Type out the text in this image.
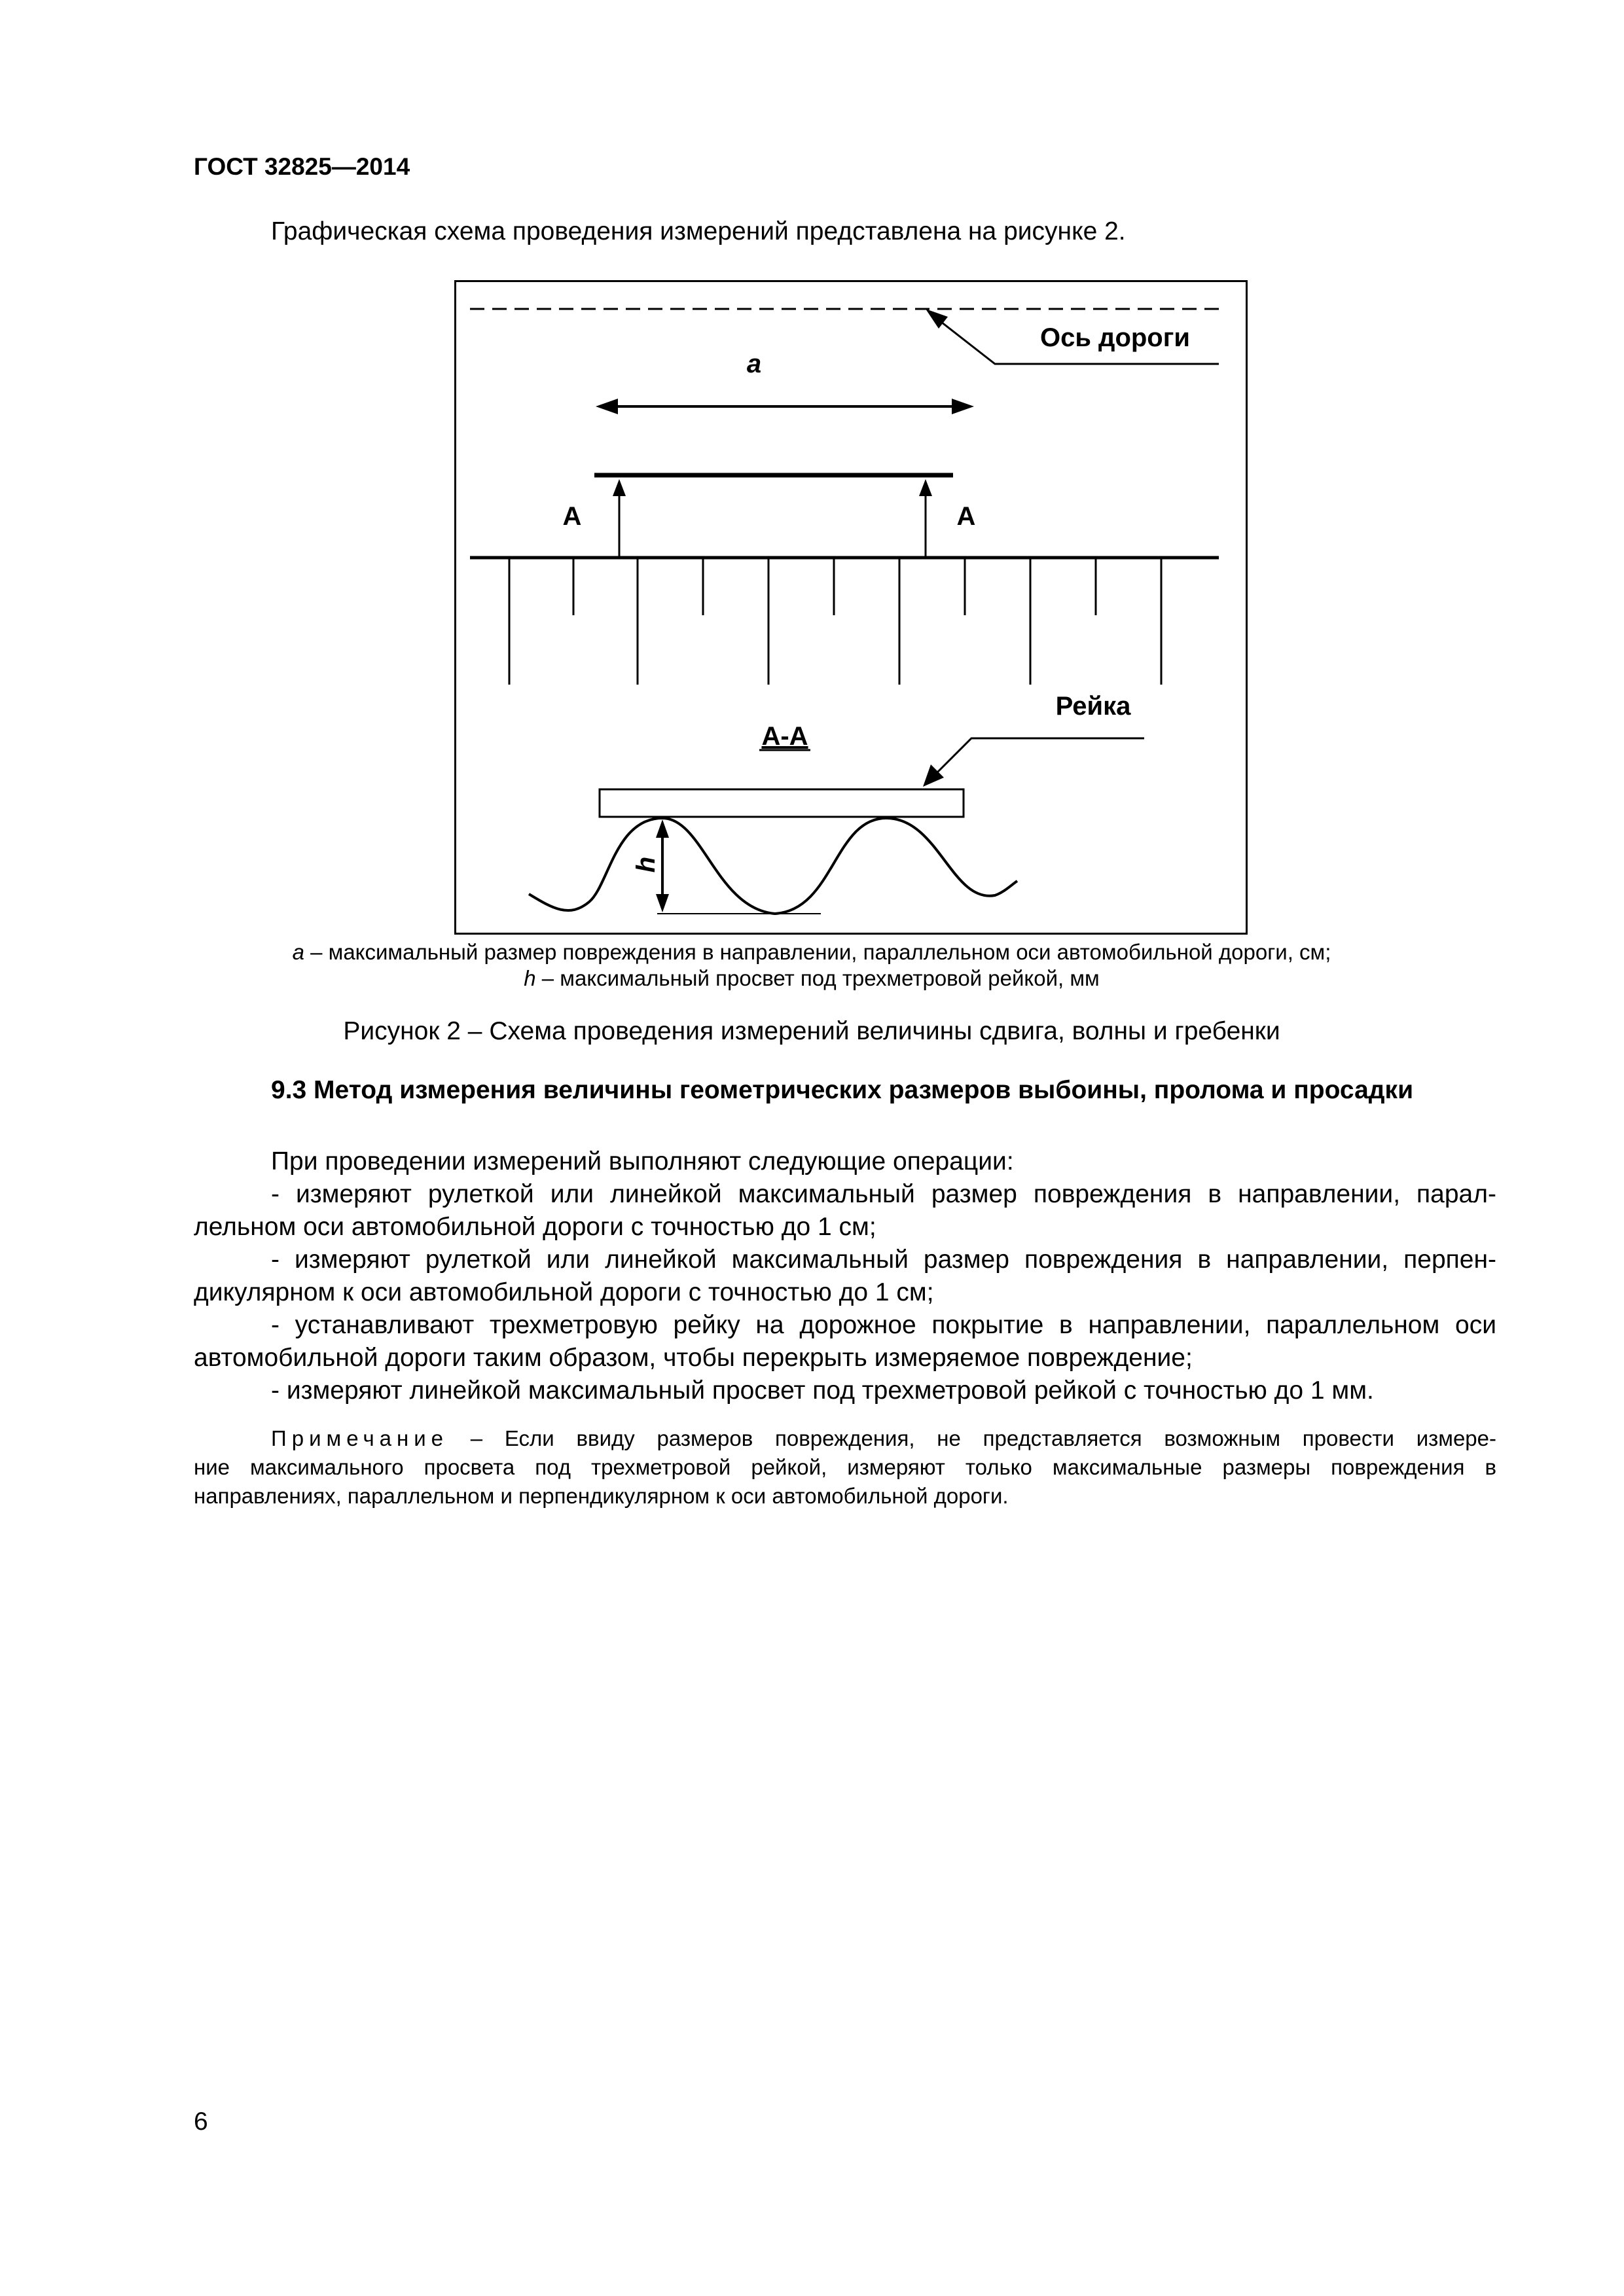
ГОСТ 32825—2014

Графическая схема проведения измерений представлена на рисунке 2.

Ось дороги
a
A	A
A-A
Рейка
h
a – максимальный размер повреждения в направлении, параллельном оси автомобильной дороги, см;
h – максимальный просвет под трехметровой рейкой, мм

Рисунок 2 – Схема проведения измерений величины сдвига, волны и гребенки

9.3 Метод измерения величины геометрических размеров выбоины, пролома и просадки

При проведении измерений выполняют следующие операции:
- измеряют рулеткой или линейкой максимальный размер повреждения в направлении, парал-
лельном оси автомобильной дороги с точностью до 1 см;
- измеряют рулеткой или линейкой максимальный размер повреждения в направлении, перпен-
дикулярном к оси автомобильной дороги с точностью до 1 см;
- устанавливают трехметровую рейку на дорожное покрытие в направлении, параллельном оси
автомобильной дороги таким образом, чтобы перекрыть измеряемое повреждение;
- измеряют линейкой максимальный просвет под трехметровой рейкой с точностью до 1 мм.
Примечание – Если ввиду размеров повреждения, не представляется возможным провести измере-
ние максимального просвета под трехметровой рейкой, измеряют только максимальные размеры повреждения в
направлениях, параллельном и перпендикулярном к оси автомобильной дороги.
6
